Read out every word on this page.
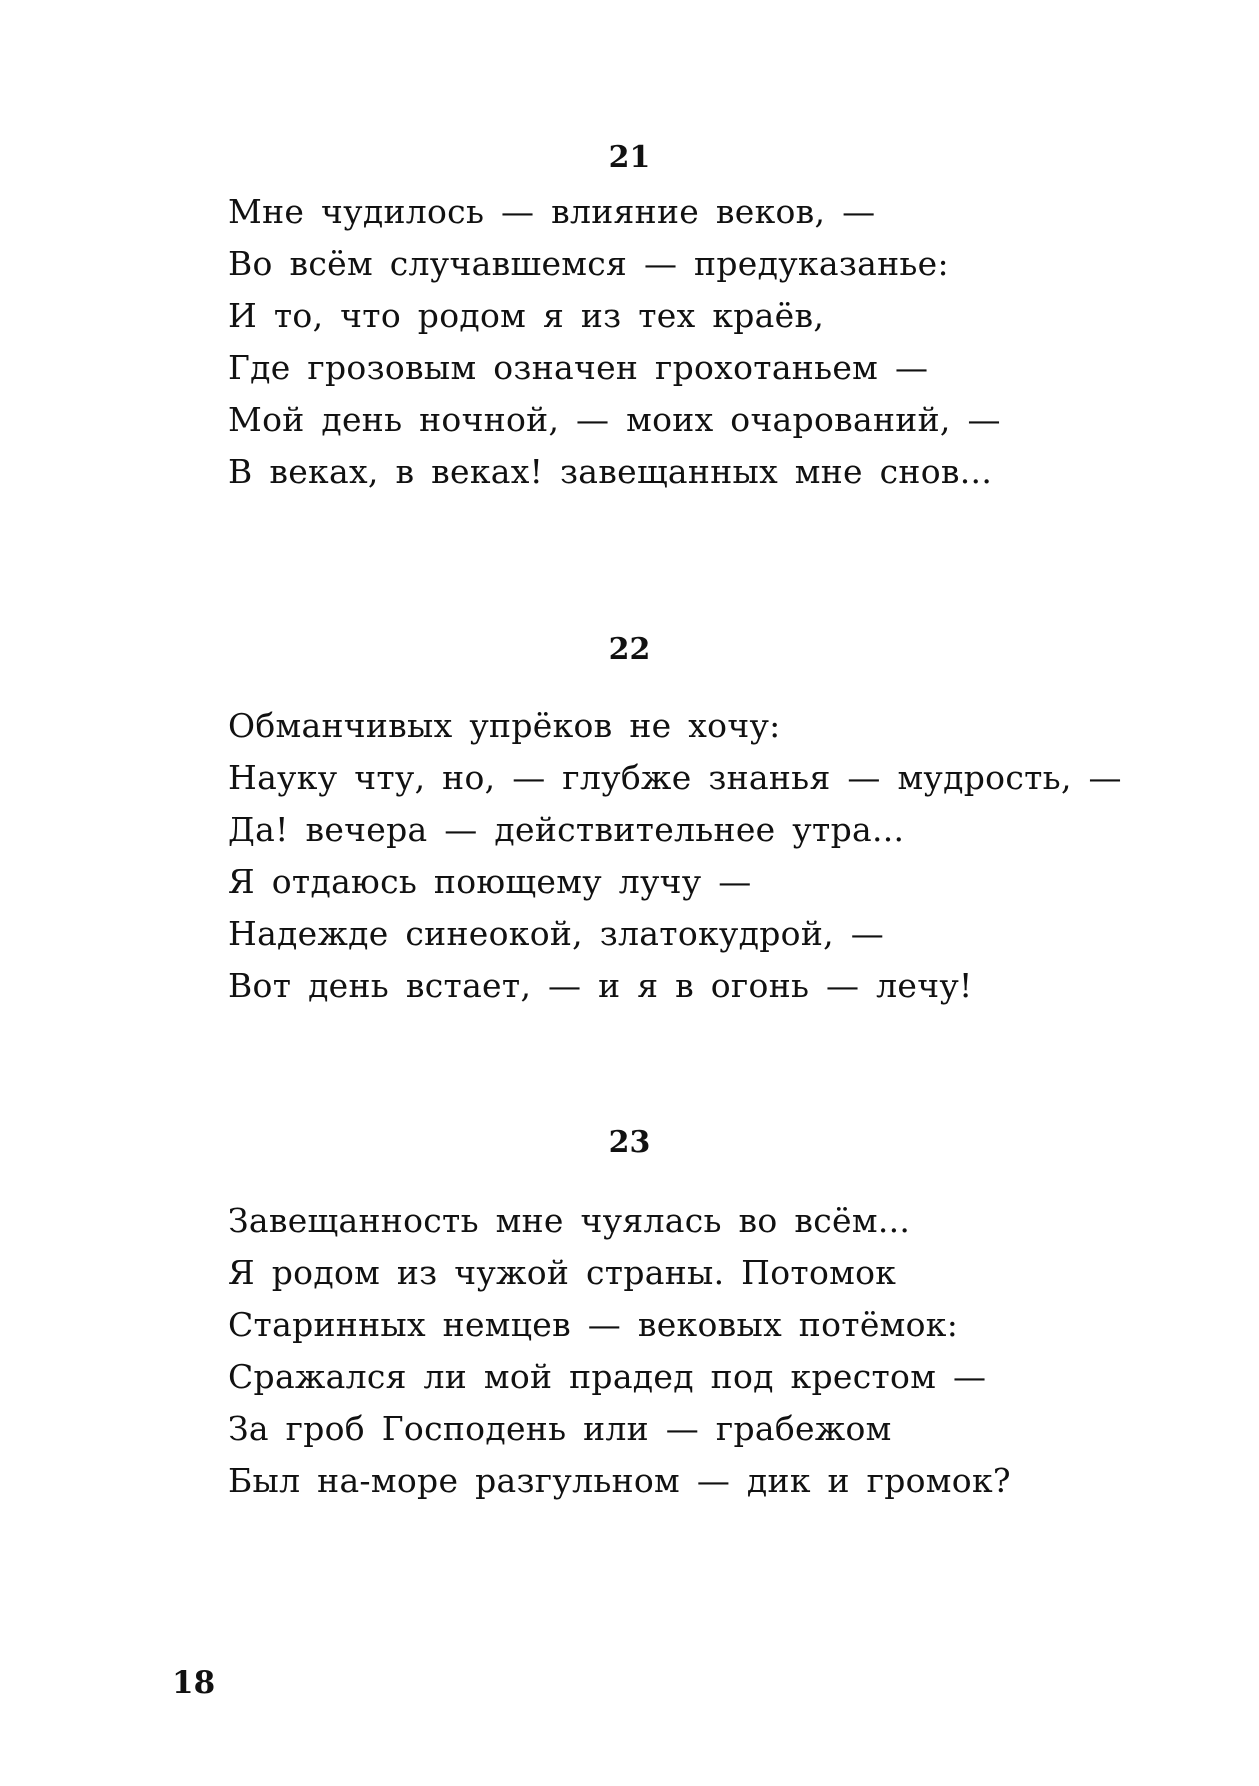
21
Мне чудилось — влияние веков, —
Во всём случавшемся — предуказанье:
И то, что родом я из тех краёв,
Где грозовым означен грохотаньем —
Мой день ночной, — моих очарований, —
В веках, в веках! завещанных мне снов...
22
Обманчивых упрёков не хочу:
Науку чту, но, — глубже знанья — мудрость, —
Да! вечера — действительнее утра...
Я отдаюсь поющему лучу —
Надежде синеокой, златокудрой, —
Вот день встает, — и я в огонь — лечу!
23
Завещанность мне чуялась во всём...
Я родом из чужой страны. Потомок
Старинных немцев — вековых потёмок:
Сражался ли мой прадед под крестом —
За гроб Господень или — грабежом
Был на-море разгульном — дик и громок?
18
